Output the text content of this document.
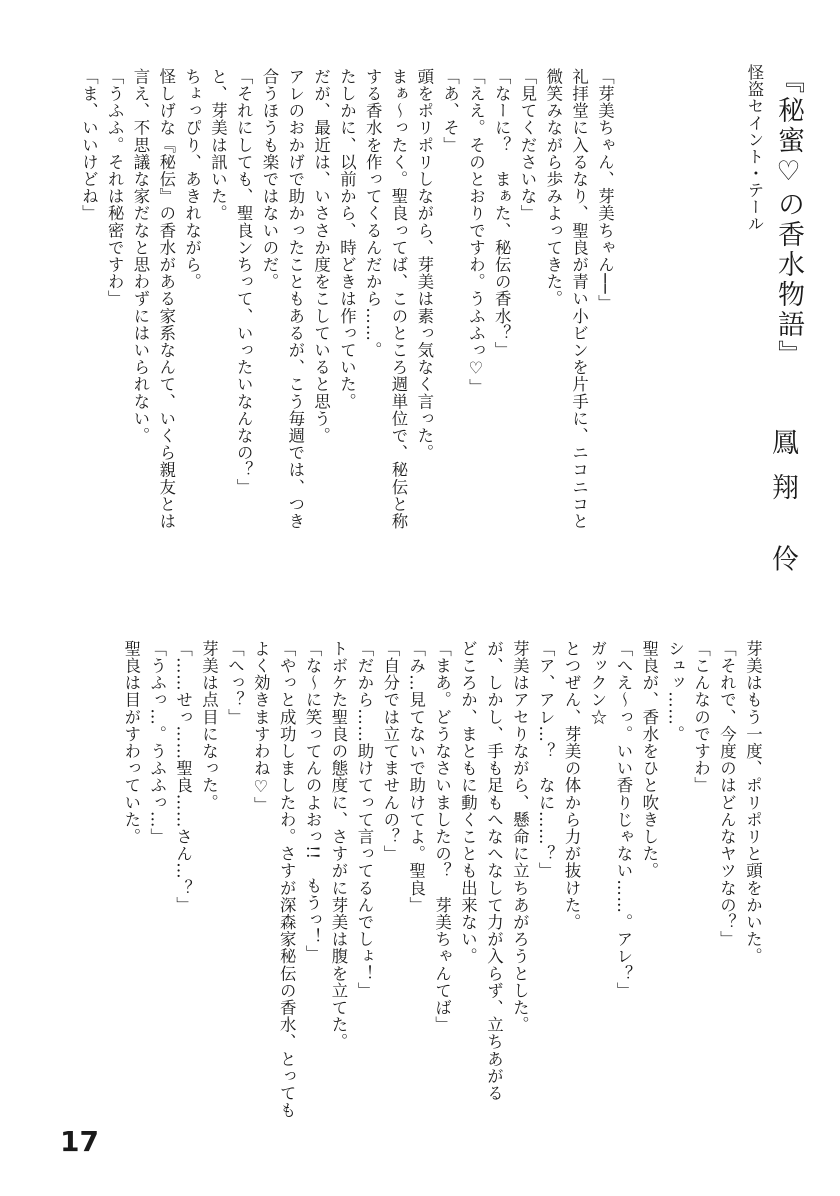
怪盗セイント・テール 『秘蜜♡の香水物語』
鳳翔 伶
「芽美ちゃん、芽美ちゃん──」
礼拝堂に入るなり、聖良が青い小ビンを片手に、ニコニコと
微笑みながら歩みよってきた。
「見てくださいな」
「なーに？　まぁた、秘伝の香水？」
「ええ。そのとおりですわ。うふふっ♡」
「あ、そ」
頭をポリポリしながら、芽美は素っ気なく言った。
まぁ〜ったく。聖良ってば、このところ週単位で、秘伝と称
する香水を作ってくるんだから……。
たしかに、以前から、時どきは作っていた。
だが、最近は、いささか度をこしていると思う。
アレのおかげで助かったこともあるが、こう毎週では、つき
合うほうも楽ではないのだ。
「それにしても、聖良ンちって、いったいなんなの？」
と、芽美は訊いた。
ちょっぴり、あきれながら。
怪しげな『秘伝』の香水がある家系なんて、いくら親友とは
言え、不思議な家だなと思わずにはいられない。
「うふふ。それは秘密ですわ」
「ま、いいけどね」
芽美はもう一度、ポリポリと頭をかいた。
「それで、今度のはどんなヤツなの？」
「こんなのですわ」
シュッ……。
聖良が、香水をひと吹きした。
「へえ〜っ。いい香りじゃない……。アレ？」
ガックン☆
とつぜん、芽美の体から力が抜けた。
「ア、アレ…？　なに……？」
芽美はアセりながら、懸命に立ちあがろうとした。
が、しかし、手も足もへなへなして力が入らず、立ちあがる
どころか、まともに動くことも出来ない。
「まあ。どうなさいましたの？　芽美ちゃんてば」
「み…見てないで助けてよ。聖良」
「自分では立てませんの？」
「だから……助けてって言ってるんでしょ！」
トボケた聖良の態度に、さすがに芽美は腹を立てた。
「な〜に笑ってんのよおっ!!　もうっ！」
「やっと成功しましたわ。さすが深森家秘伝の香水、とっても
よく効きますわね♡」
「へっ？」
芽美は点目になった。
「……せっ……聖良……さん…？」
「うふっ…。うふふっ…」
聖良は目がすわっていた。
17
